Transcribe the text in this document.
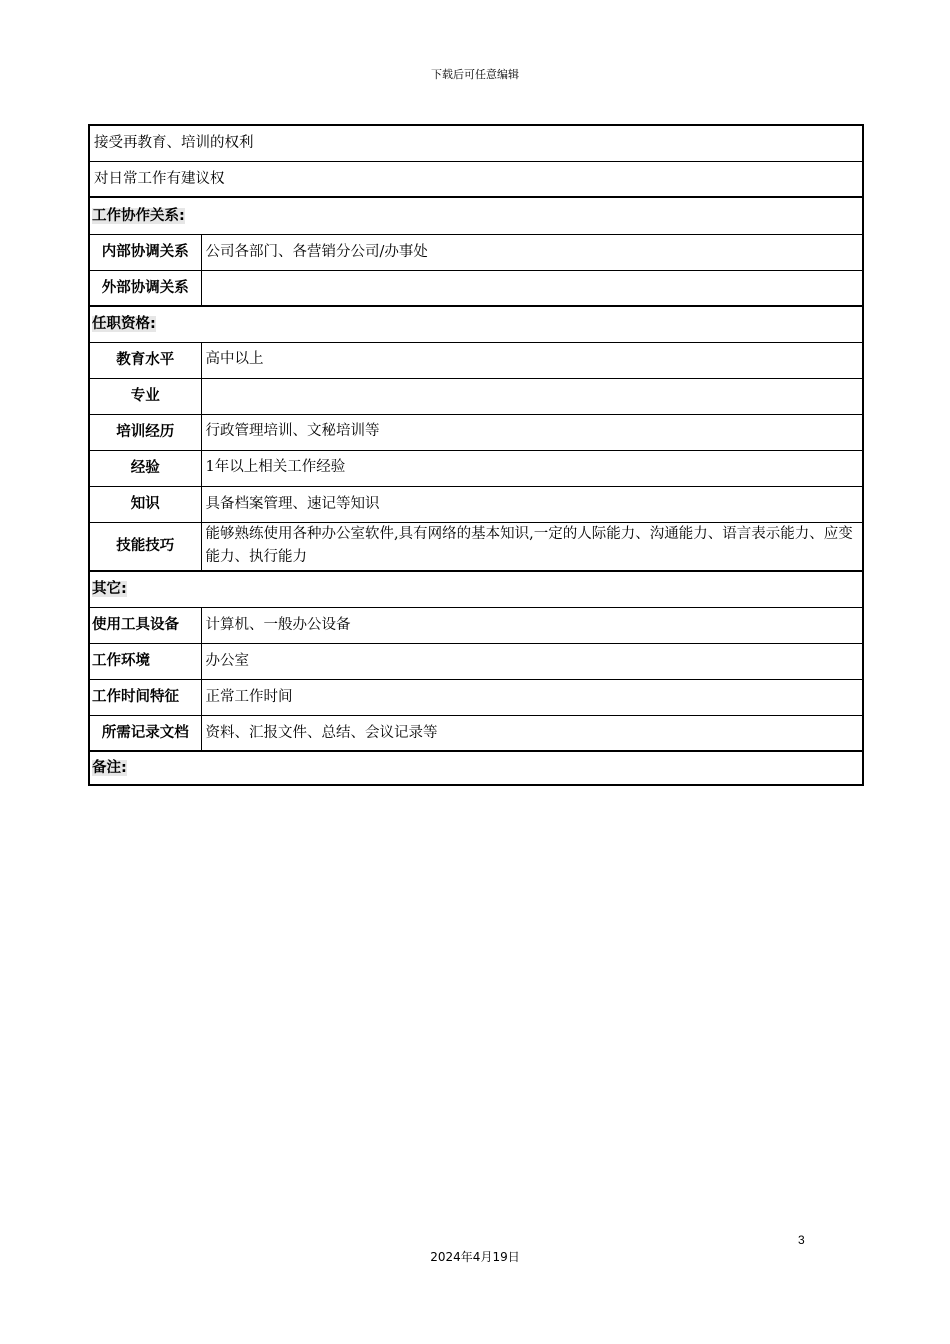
下载后可任意编辑
接受再教育、培训的权利	
对日常工作有建议权	
工作协作关系:	
内部协调关系	公司各部门、各营销分公司/办事处
外部协调关系	
任职资格:	
教育水平	高中以上
专业	
培训经历	行政管理培训、文秘培训等
经验	1年以上相关工作经验
知识	具备档案管理、速记等知识
技能技巧	能够熟练使用各种办公室软件,具有网络的基本知识,一定的人际能力、沟通能力、语言表示能力、应变能力、执行能力
其它:	
使用工具设备	计算机、一般办公设备
工作环境	办公室
工作时间特征	正常工作时间
所需记录文档	资料、汇报文件、总结、会议记录等
备注:	
3
2024年4月19日
